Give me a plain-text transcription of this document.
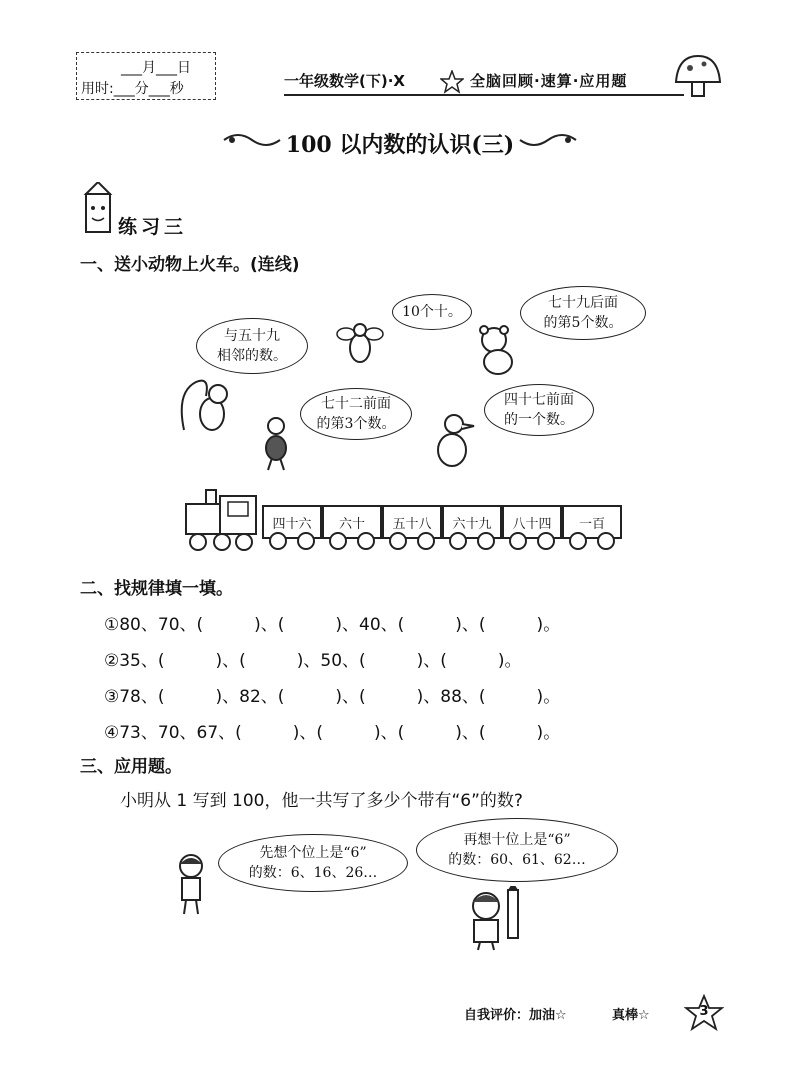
___月___日
用时:___分___秒	一年级数学(下)·X	全脑回顾·速算·应用题
100 以内数的认识(三)
练习三
一、送小动物上火车。(连线)
与五十九
相邻的数。
10个十。
七十九后面
的第5个数。
七十二前面
的第3个数。
四十七前面
的一个数。
四十六 六十 五十八 六十九 八十四 一百
二、找规律填一填。
①80、70、(　　　)、(　　　)、40、(　　　)、(　　　)。
②35、(　　　)、(　　　)、50、(　　　)、(　　　)。
③78、(　　　)、82、(　　　)、(　　　)、88、(　　　)。
④73、70、67、(　　　)、(　　　)、(　　　)、(　　　)。
三、应用题。
小明从 1 写到 100，他一共写了多少个带有“6”的数?
先想个位上是“6”
的数：6、16、26…
再想十位上是“6”
的数：60、61、62…
自我评价：加油☆	真棒☆	3
